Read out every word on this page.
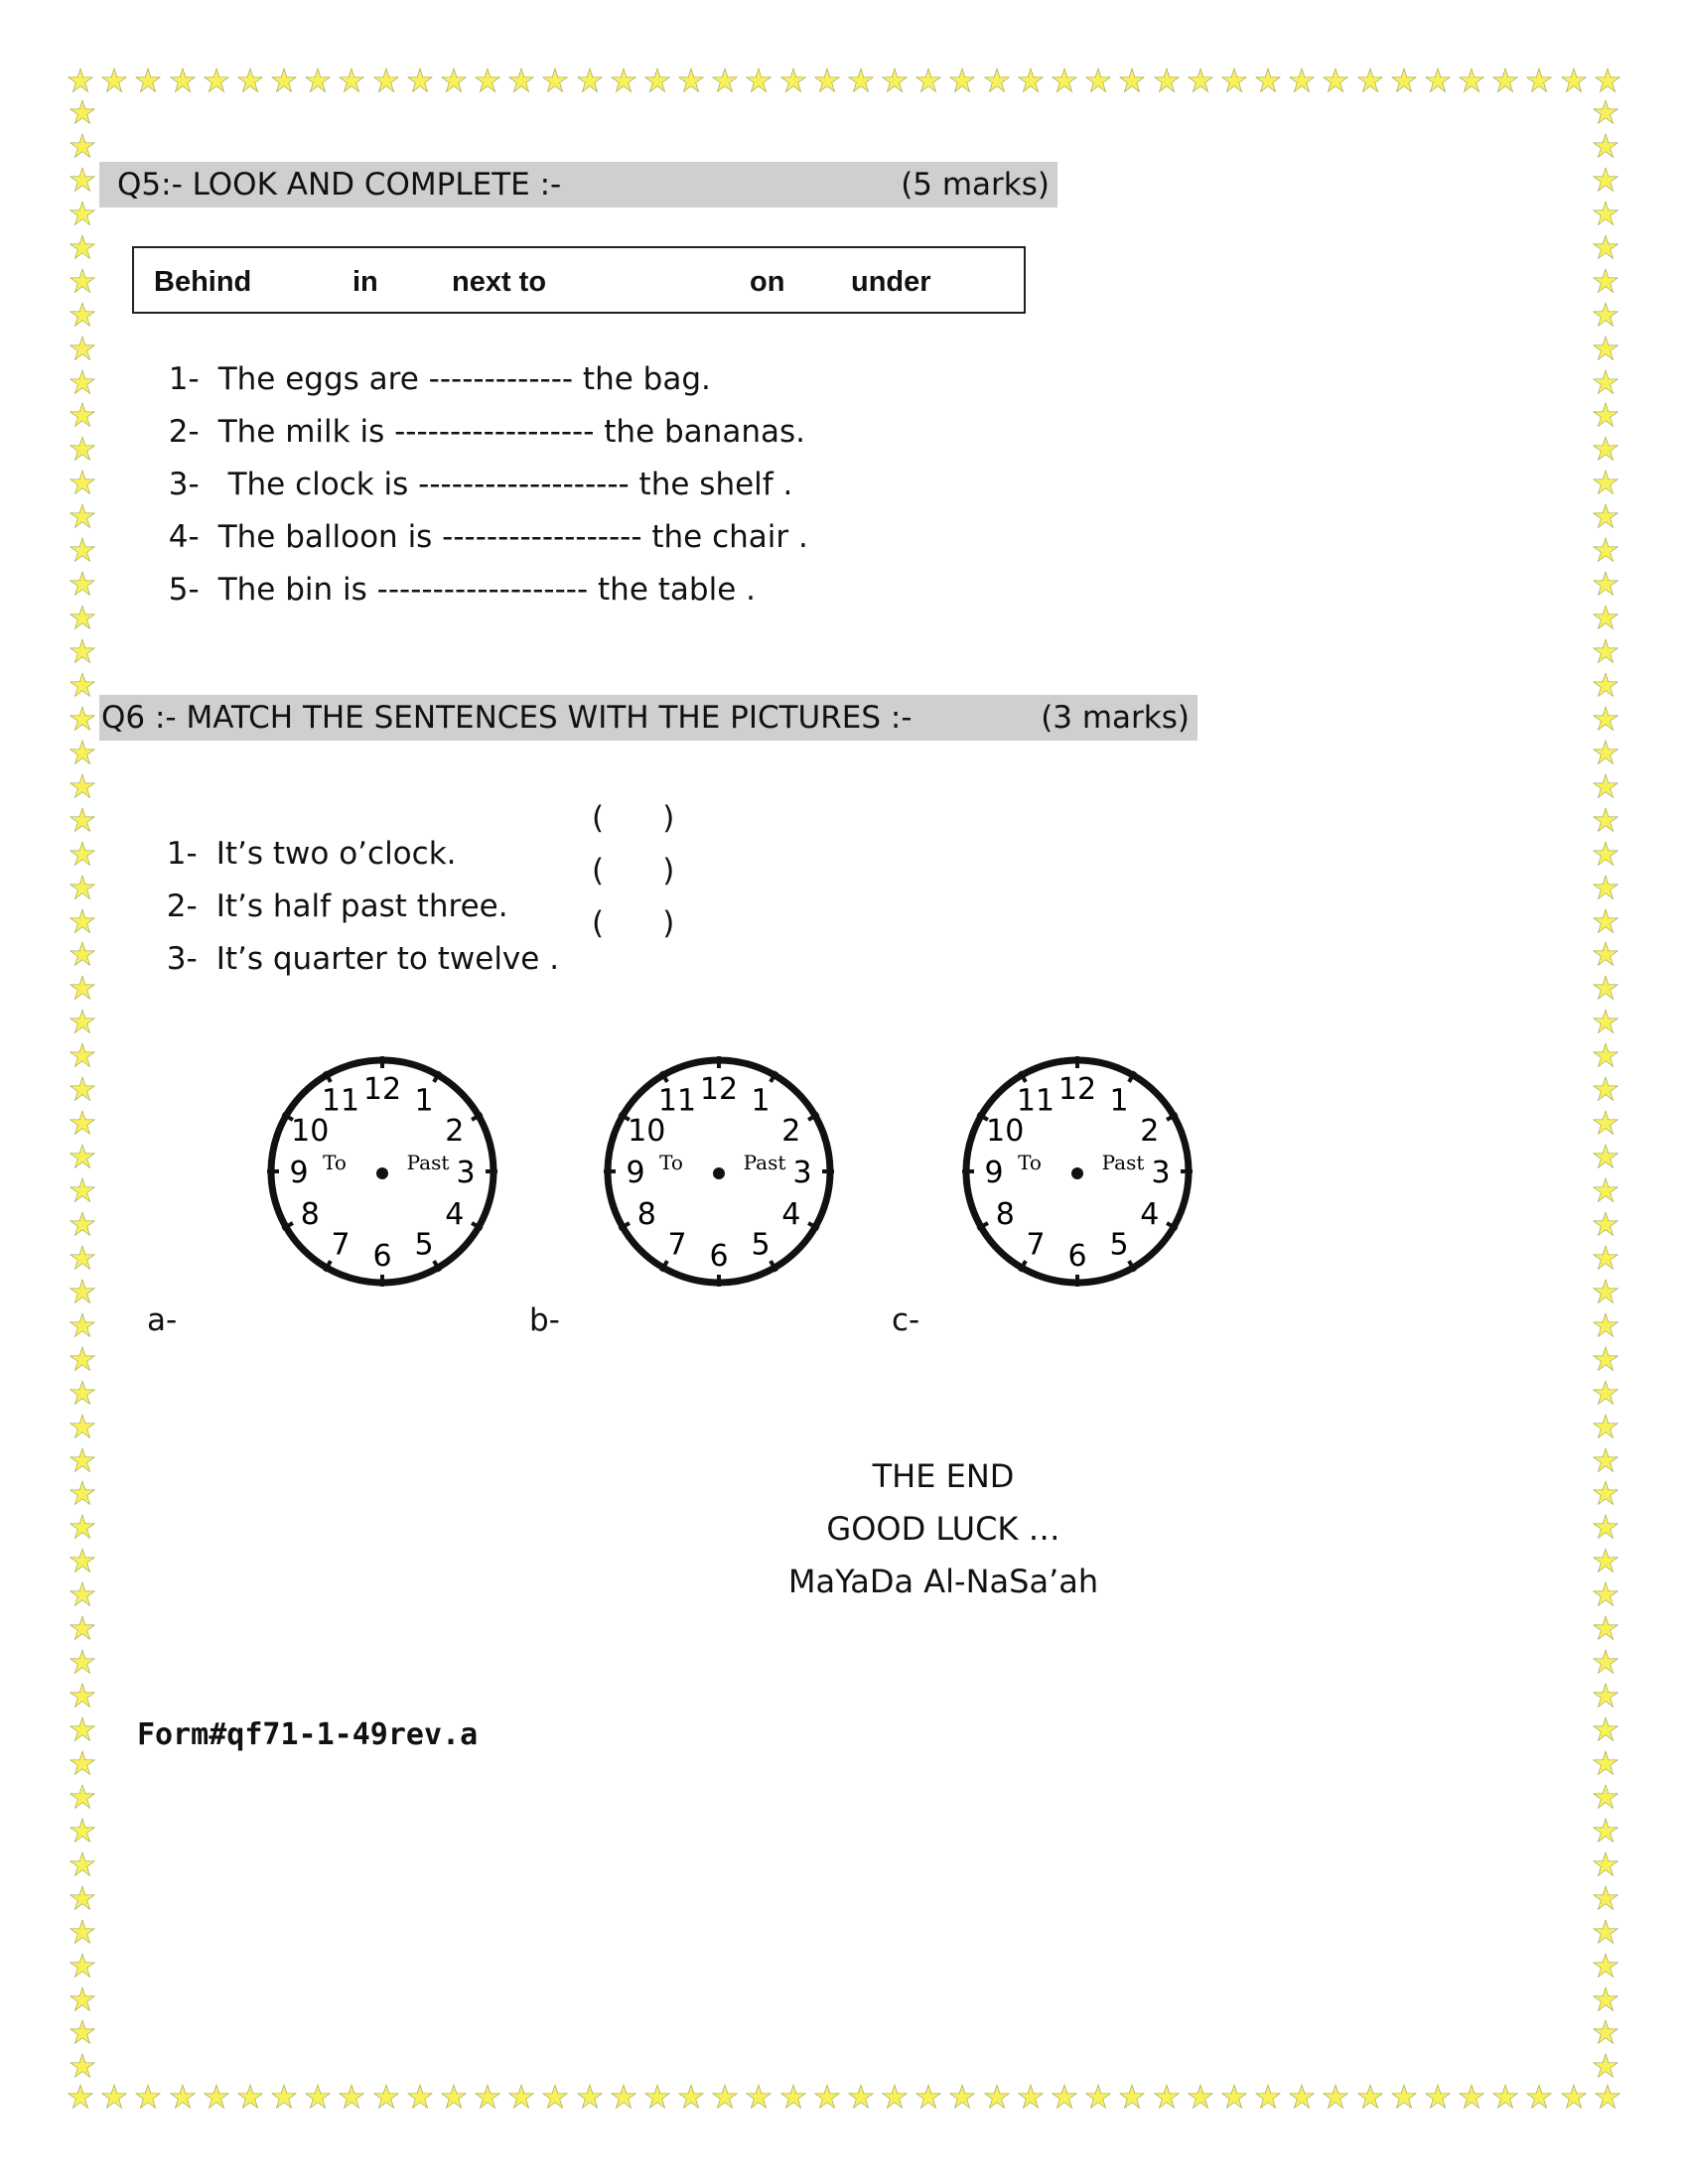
Q5:- LOOK AND COMPLETE :-	(5 marks)
Behind	in	next to	on under

1- The eggs are ------------- the bag.

2- The milk is ------------------ the bananas.

3- The clock is ------------------- the shelf .

4- The balloon is ------------------ the chair .

5- The bin is ------------------- the table .

Q6 :- MATCH THE SENTENCES WITH THE PICTURES :-	(3 marks)

1- It’s two o’clock.

(      )

2- It’s half past three.

(      )

3- It’s quarter to twelve .

(      )
12 1
2
3
4
5
6
7
8
9
10
11
To	Past
12 1
2
3
4
5
6
7
8
9
10
11
To	Past
12 1
2
3
4
5
6
7
8
9
10
11
To	Past
a-	b-	c-
THE END
GOOD LUCK …
MaYaDa Al-NaSa’ah
Form#qf71-1-49rev.a
